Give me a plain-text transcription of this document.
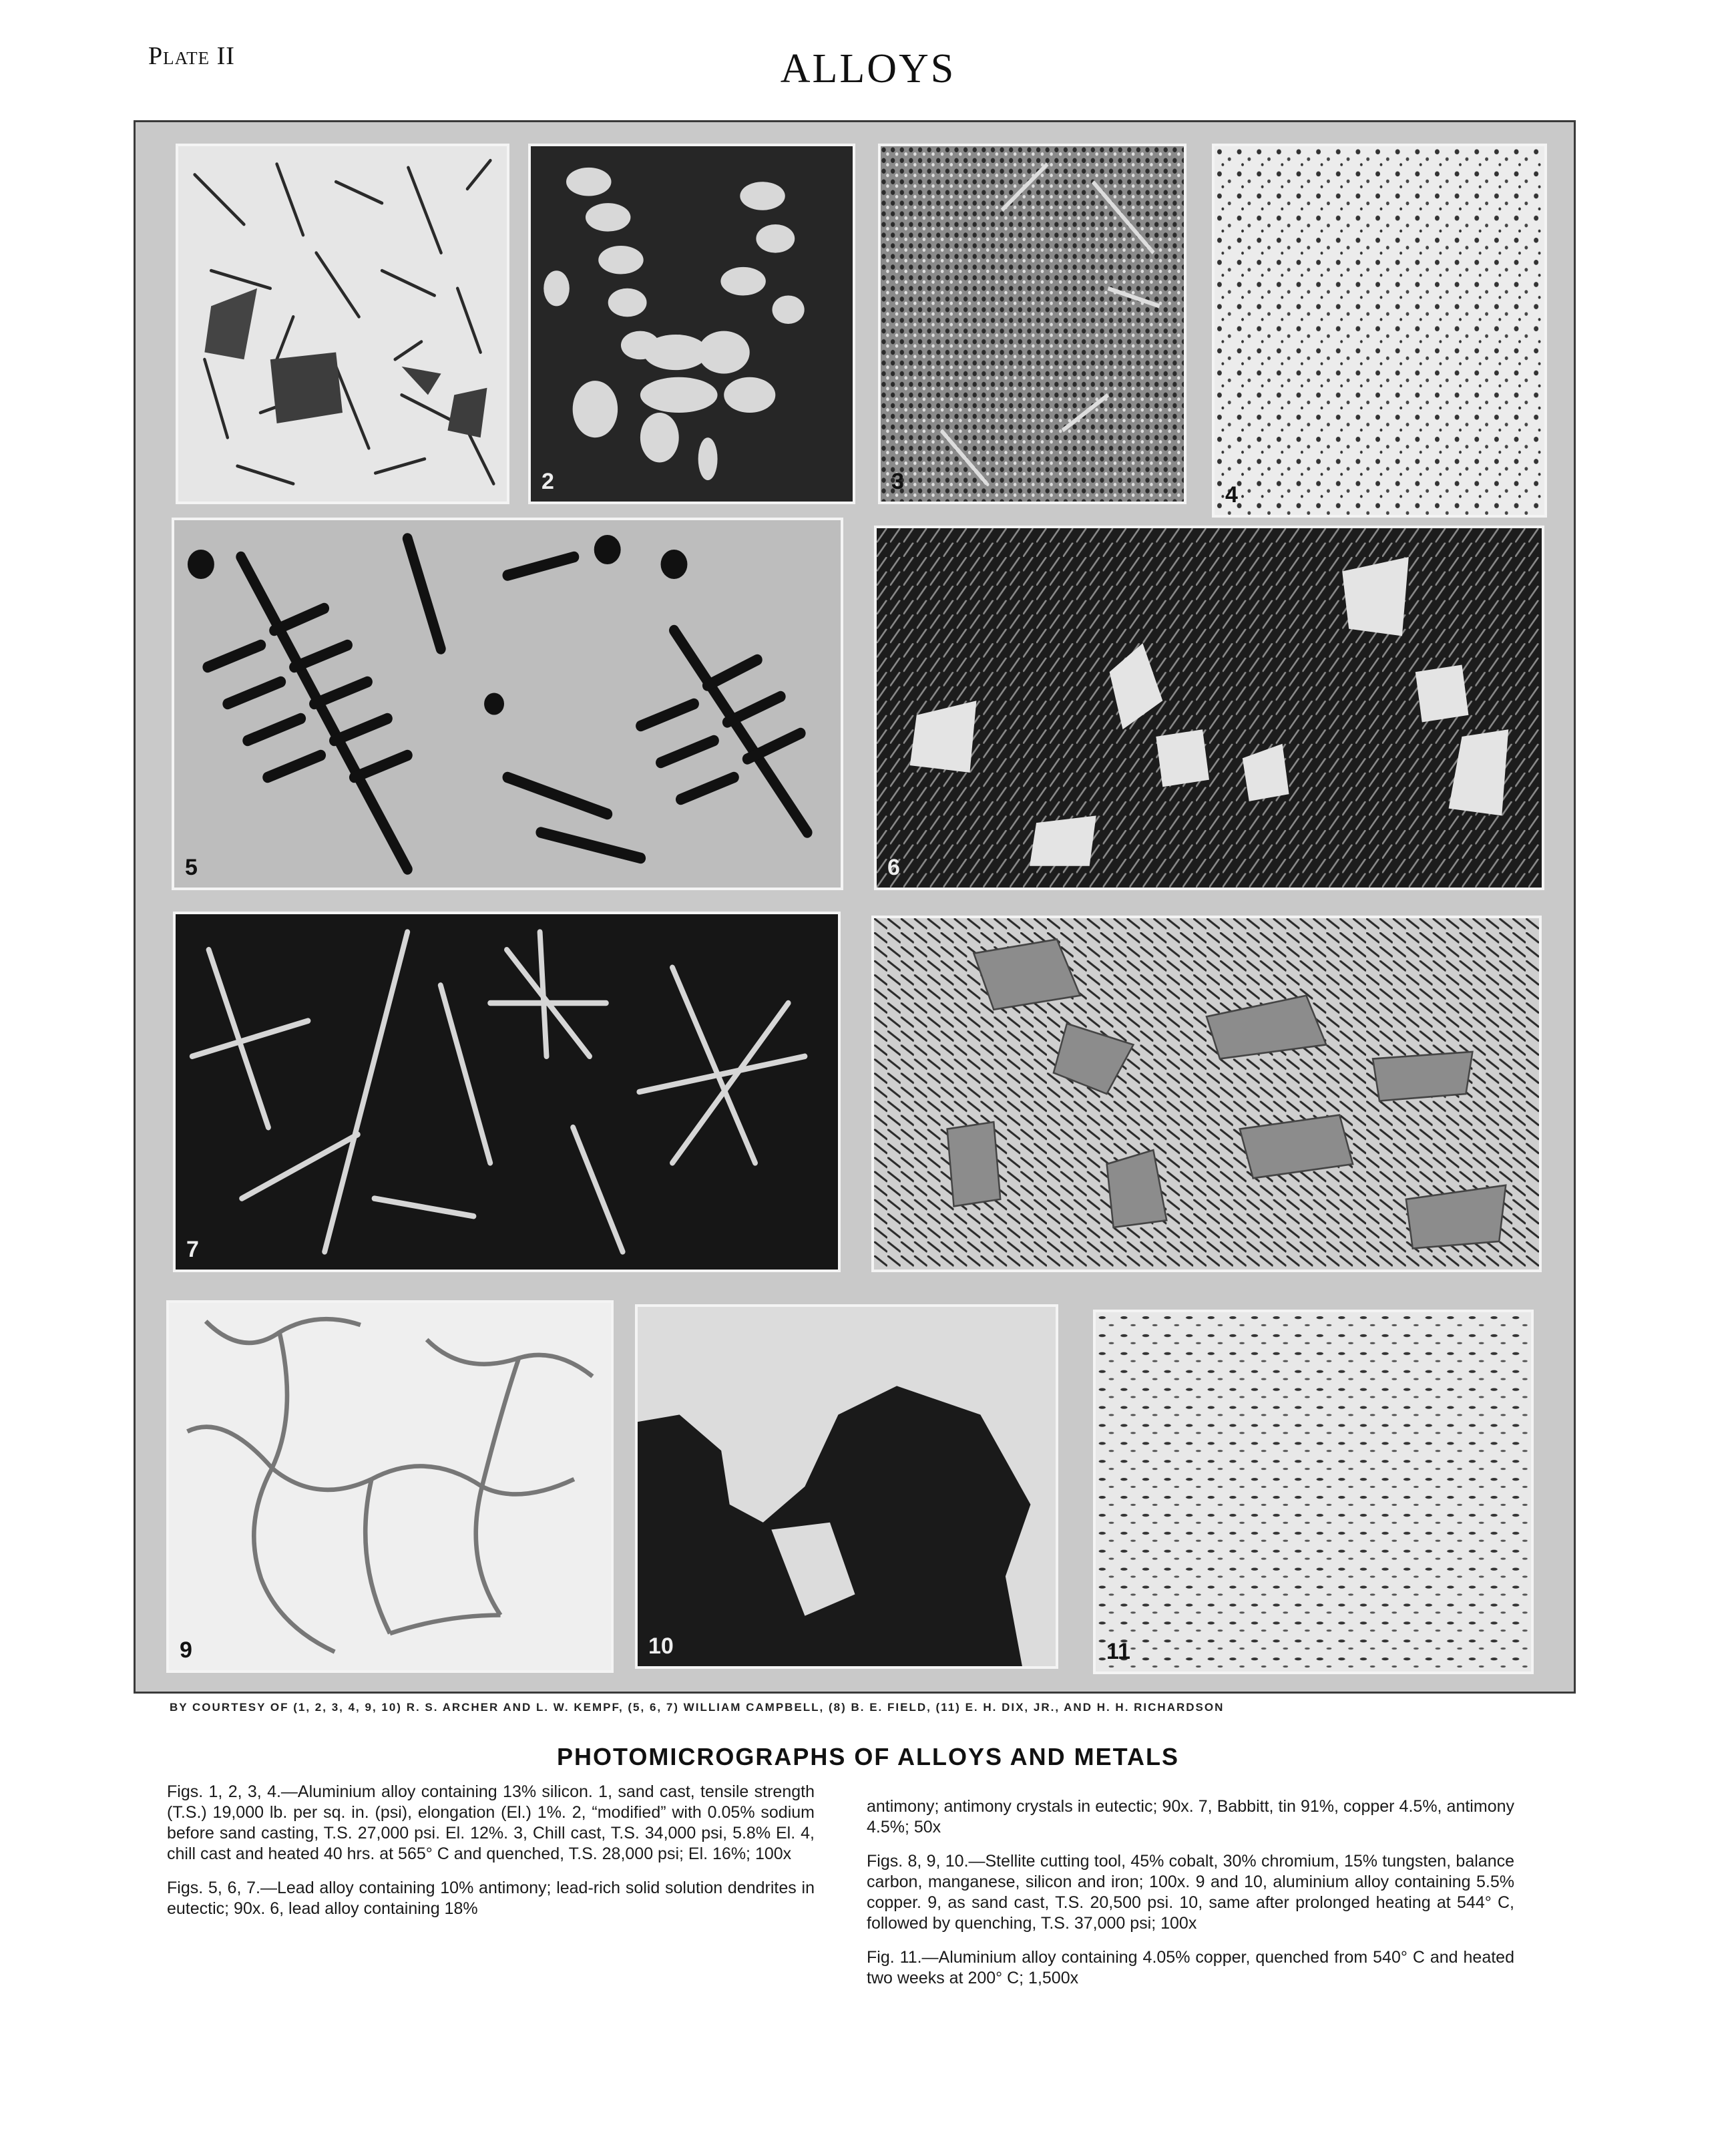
Plate II	ALLOYS
2	3
4
5	6
7
9	10	11
BY COURTESY OF (1, 2, 3, 4, 9, 10) R. S. ARCHER AND L. W. KEMPF, (5, 6, 7) WILLIAM CAMPBELL, (8) B. E. FIELD, (11) E. H. DIX, JR., AND H. H. RICHARDSON
PHOTOMICROGRAPHS OF ALLOYS AND METALS

Figs. 1, 2, 3, 4.—Aluminium alloy containing 13% silicon. 1, sand cast, tensile strength (T.S.) 19,000 lb. per sq. in. (psi), elongation (El.) 1%. 2, “modified” with 0.05% sodium before sand casting, T.S. 27,000 psi. El. 12%. 3, Chill cast, T.S. 34,000 psi, 5.8% El. 4, chill cast and heated 40 hrs. at 565° C and quenched, T.S. 28,000 psi; El. 16%; 100x

Figs. 5, 6, 7.—Lead alloy containing 10% antimony; lead-rich solid solution dendrites in eutectic; 90x. 6, lead alloy containing 18%

antimony; antimony crystals in eutectic; 90x. 7, Babbitt, tin 91%, copper 4.5%, antimony 4.5%; 50x

Figs. 8, 9, 10.—Stellite cutting tool, 45% cobalt, 30% chromium, 15% tungsten, balance carbon, manganese, silicon and iron; 100x. 9 and 10, aluminium alloy containing 5.5% copper. 9, as sand cast, T.S. 20,500 psi. 10, same after prolonged heating at 544° C, followed by quenching, T.S. 37,000 psi; 100x

Fig. 11.—Aluminium alloy containing 4.05% copper, quenched from 540° C and heated two weeks at 200° C; 1,500x
